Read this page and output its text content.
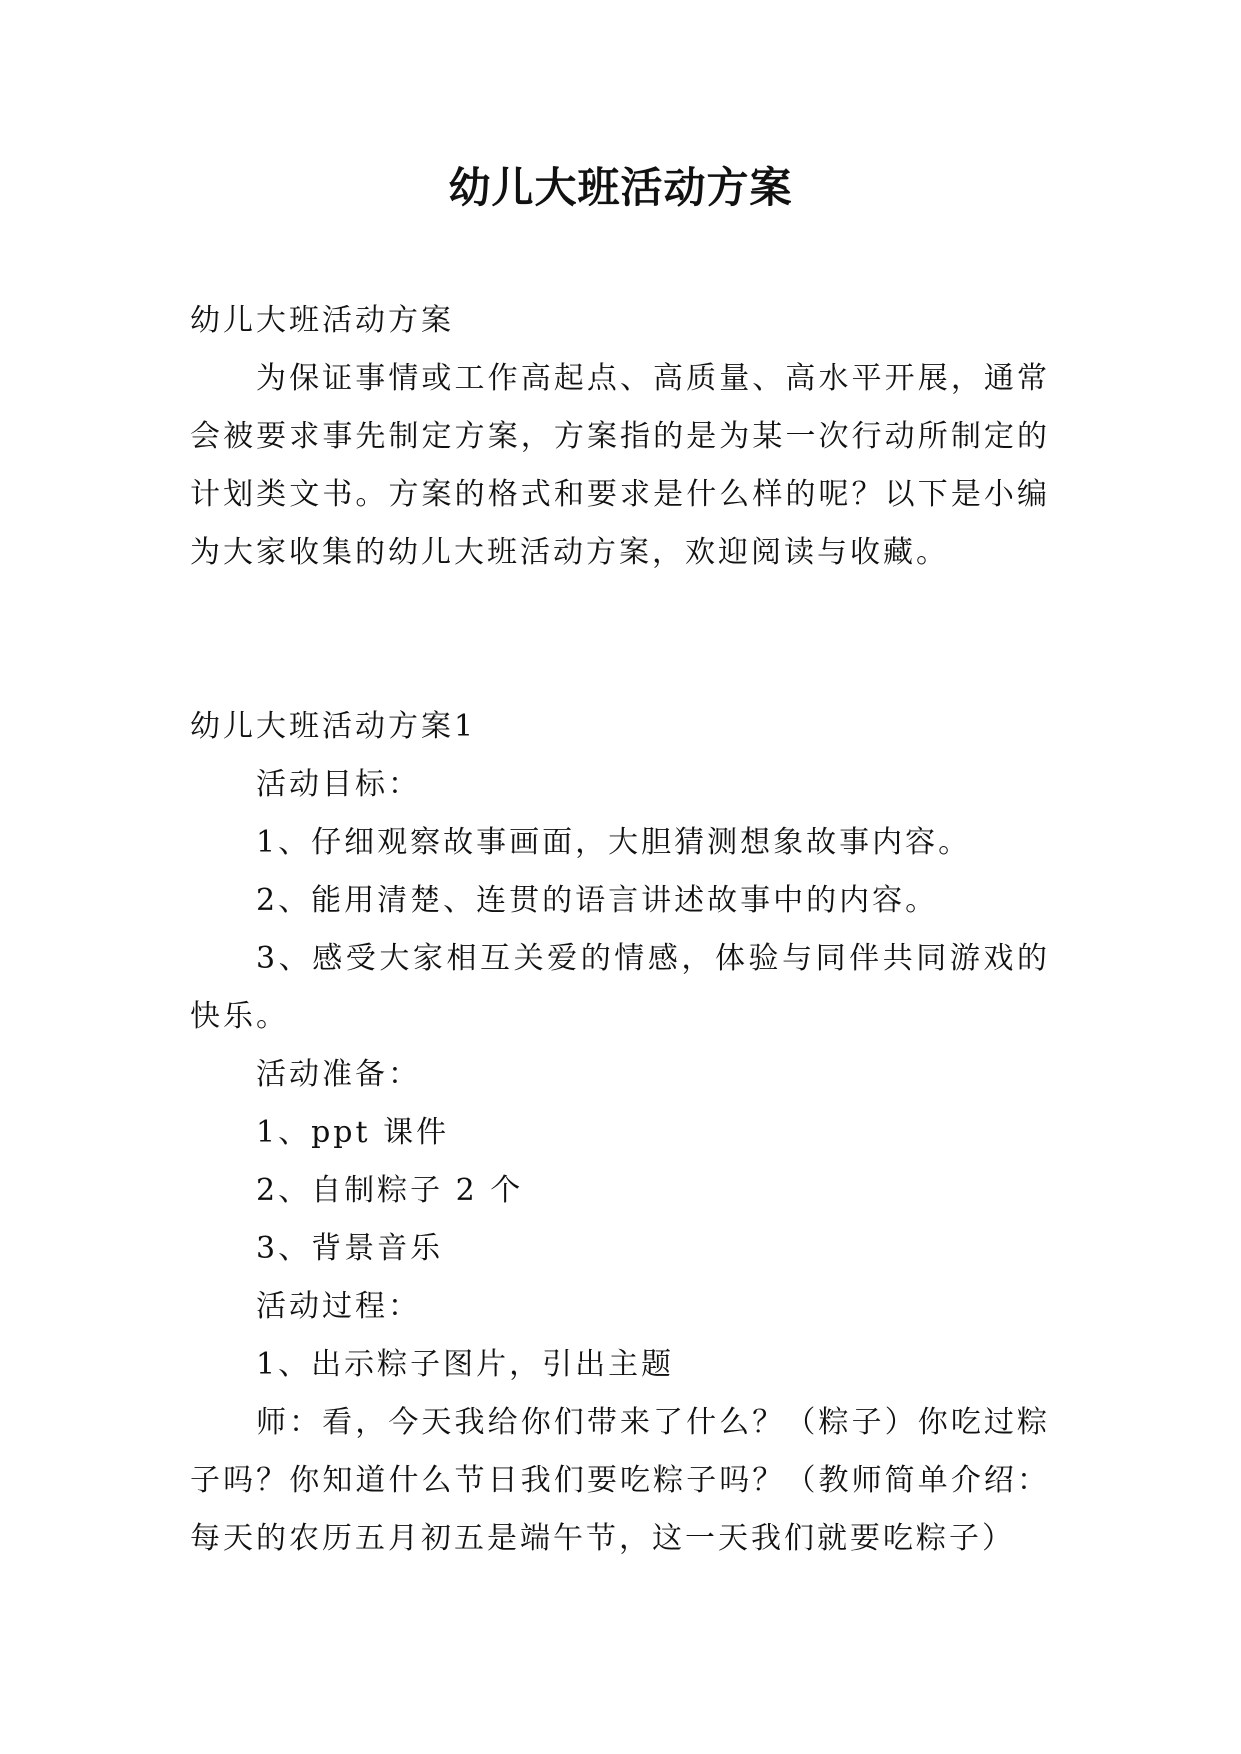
幼儿大班活动方案

幼儿大班活动方案

为保证事情或工作高起点、高质量、高水平开展，通常会被要求事先制定方案，方案指的是为某一次行动所制定的计划类文书。方案的格式和要求是什么样的呢？以下是小编为大家收集的幼儿大班活动方案，欢迎阅读与收藏。

幼儿大班活动方案1

活动目标：

1、仔细观察故事画面，大胆猜测想象故事内容。

2、能用清楚、连贯的语言讲述故事中的内容。

3、感受大家相互关爱的情感，体验与同伴共同游戏的快乐。

活动准备：

1、ppt 课件

2、自制粽子 2 个

3、背景音乐

活动过程：

1、出示粽子图片，引出主题

师：看，今天我给你们带来了什么？（粽子）你吃过粽子吗？你知道什么节日我们要吃粽子吗？（教师简单介绍：每天的农历五月初五是端午节，这一天我们就要吃粽子）
